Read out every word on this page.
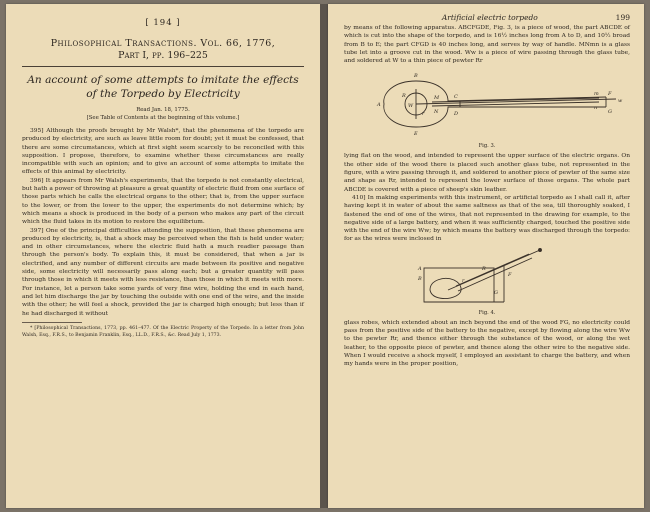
[ 194 ]
Philosophical Transactions. Vol. 66, 1776,
Part I, pp. 196–225
An account of some attempts to imitate the effects of the Torpedo by Electricity
Read Jan. 18, 1775.
[See Table of Contents at the beginning of this volume.]

395] Although the proofs brought by Mr Walsh*, that the phenomena of the torpedo are produced by electricity, are such as leave little room for doubt; yet it must be confessed, that there are some circumstances, which at first sight seem scarcely to be reconciled with this supposition. I propose, therefore, to examine whether these circumstances are really incompatible with such an opinion; and to give an account of some attempts to imitate the effects of this animal by electricity.

396] It appears from Mr Walsh's experiments, that the torpedo is not constantly electrical, but hath a power of throwing at pleasure a great quantity of electric fluid from one surface of those parts which he calls the electrical organs to the other; that is, from the upper surface to the lower, or from the lower to the upper, the experiments do not determine which; by which means a shock is produced in the body of a person who makes any part of the circuit which the fluid takes in its motion to restore the equilibrium.

397] One of the principal difficulties attending the supposition, that these phenomena are produced by electricity, is, that a shock may be perceived when the fish is held under water; and in other circumstances, where the electric fluid hath a much readier passage than through the person's body. To explain this, it must be considered, that when a jar is electrified, and any number of different circuits are made between its positive and negative side, some electricity will necessarily pass along each; but a greater quantity will pass through those in which it meets with less resistance, than those in which it meets with more. For instance, let a person take some yards of very fine wire, holding the end in each hand, and let him discharge the jar by touching the outside with one end of the wire, and the inside with the other; he will feel a shock, provided the jar is charged high enough; but less than if he had discharged it without

* [Philosophical Transactions, 1773, pp. 461–477. Of the Electric Property of the Torpedo. In a letter from John Walsh, Esq., F.R.S., to Benjamin Franklin, Esq., LL.D., F.R.S., &c. Read July 1, 1773.

Artificial electric torpedo	199

by means of the following apparatus. ABCFGDE, Fig. 3, is a piece of wood, the part ABCDE of which is cut into the shape of the torpedo, and is 16½ inches long from A to D, and 10½ broad from B to E; the part CFGD is 40 inches long, and serves by way of handle. MNmn is a glass tube let into a groove cut in the wood. Ww is a piece of wire passing through the glass tube, and soldered at W to a thin piece of pewter Rr

B
A
R
W
M
N
C	F
G
D
E
m
n
w
r
Fig. 3.

lying flat on the wood, and intended to represent the upper surface of the electric organs. On the other side of the wood there is placed such another glass tube, not represented in the figure, with a wire passing through it, and soldered to another piece of pewter of the same size and shape as Rr, intended to represent the lower surface of those organs. The whole part ABCDE is covered with a piece of sheep's skin leather.

410] In making experiments with this instrument, or artificial torpedo as I shall call it, after having kept it in water of about the same saltness as that of the sea, till thoroughly soaked, I fastened the end of one of the wires, that not represented in the drawing for example, to the negative side of a large battery, and when it was sufficiently charged, touched the positive side with the end of the wire Ww; by which means the battery was discharged through the torpedo: for as the wires were inclosed in

A
B
R
r
F
G
Fig. 4.

glass robes, which extended about an inch beyond the end of the wood FG, no electricity could pass from the positive side of the battery to the negative, except by flowing along the wire Ww to the pewter Rr, and thence either through the substance of the wood, or along the wet leather, to the opposite piece of pewter, and thence along the other wire to the negative side. When I would receive a shock myself, I employed an assistant to charge the battery, and when my hands were in the proper position,
